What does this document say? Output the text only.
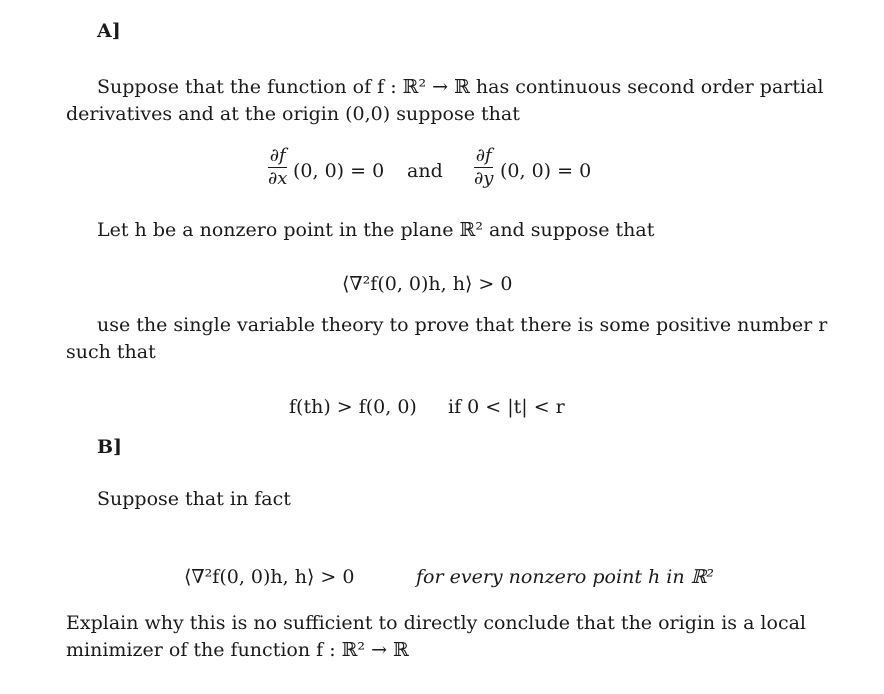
A]
Suppose that the function of f : ℝ² → ℝ has continuous second order partial
derivatives and at the origin (0,0) suppose that
∂f
∂x (0, 0) = 0 and
∂f
∂y (0, 0) = 0
Let h be a nonzero point in the plane ℝ² and suppose that
⟨∇²f(0, 0)h, h⟩ > 0
use the single variable theory to prove that there is some positive number r
such that
f(th) > f(0, 0) if 0 < |t| < r
B]
Suppose that in fact
⟨∇²f(0, 0)h, h⟩ > 0	for every nonzero point h in ℝ²
Explain why this is no sufficient to directly conclude that the origin is a local
minimizer of the function f : ℝ² → ℝ
